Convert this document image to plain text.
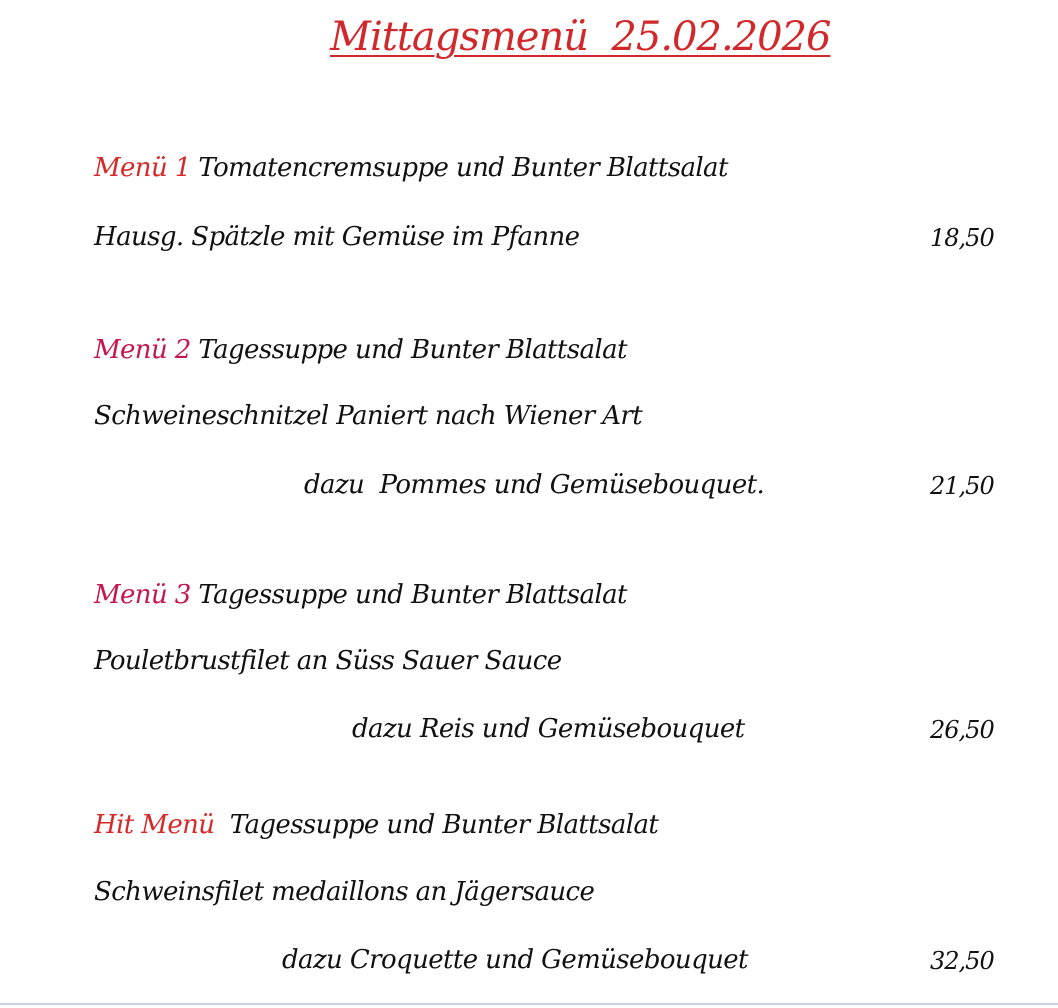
Mittagsmenü  25.02.2026
Menü 1 Tomatencremsuppe und Bunter Blattsalat
Hausg. Spätzle mit Gemüse im Pfanne	18,50
Menü 2 Tagessuppe und Bunter Blattsalat
Schweineschnitzel Paniert nach Wiener Art
dazu  Pommes und Gemüsebouquet.	21,50
Menü 3 Tagessuppe und Bunter Blattsalat
Pouletbrustfilet an Süss Sauer Sauce
dazu Reis und Gemüsebouquet	26,50
Hit Menü  Tagessuppe und Bunter Blattsalat
Schweinsfilet medaillons an Jägersauce
dazu Croquette und Gemüsebouquet	32,50
